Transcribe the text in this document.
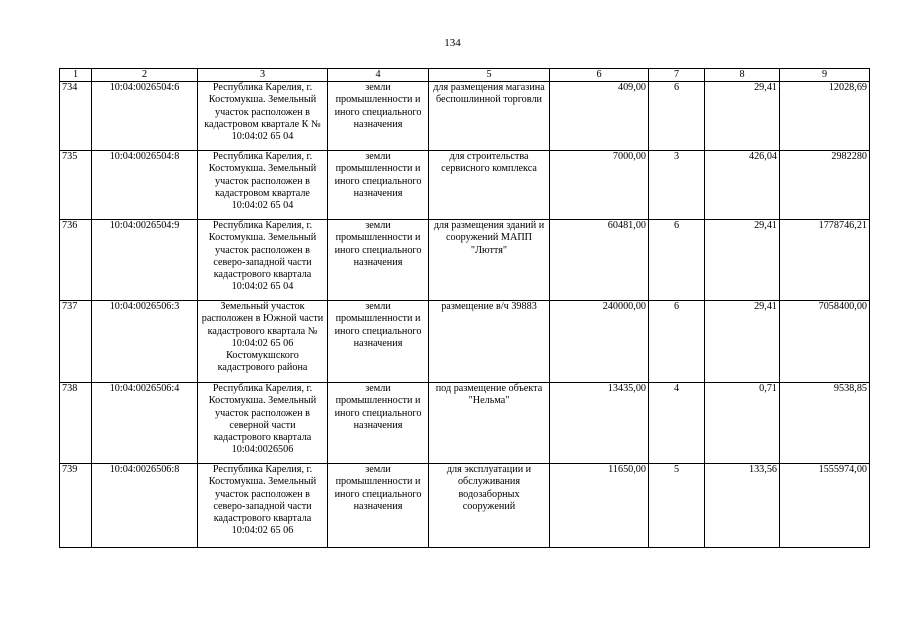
134
1	2	3	4	5	6	7	8	9
734	10:04:0026504:6	Республика Карелия, г. Костомукша. Земельный участок расположен в кадастровом квартале К № 10:04:02 65 04	земли промышленности и иного специального назначения	для размещения магазина беспошлинной торговли	409,00	6	29,41	12028,69
735	10:04:0026504:8	Республика Карелия, г. Костомукша. Земельный участок расположен в кадастровом квартале 10:04:02 65 04	земли промышленности и иного специального назначения	для строительства сервисного комплекса	7000,00	3	426,04	2982280
736	10:04:0026504:9	Республика Карелия, г. Костомукша. Земельный участок расположен в северо-западной части кадастрового квартала 10:04:02 65 04	земли промышленности и иного специального назначения	для размещения зданий и сооружений МАПП "Люття"	60481,00	6	29,41	1778746,21
737	10:04:0026506:3	Земельный участок расположен в Южной части кадастрового квартала № 10:04:02 65 06 Костомукшского кадастрового района	земли промышленности и иного специального назначения	размещение в/ч 39883	240000,00	6	29,41	7058400,00
738	10:04:0026506:4	Республика Карелия, г. Костомукша. Земельный участок расположен в северной части кадастрового квартала 10:04:0026506	земли промышленности и иного специального назначения	под размещение объекта "Нельма"	13435,00	4	0,71	9538,85
739	10:04:0026506:8	Республика Карелия, г. Костомукша. Земельный участок расположен в северо-западной части кадастрового квартала 10:04:02 65 06	земли промышленности и иного специального назначения	для эксплуатации и обслуживания водозаборных сооружений	11650,00	5	133,56	1555974,00
